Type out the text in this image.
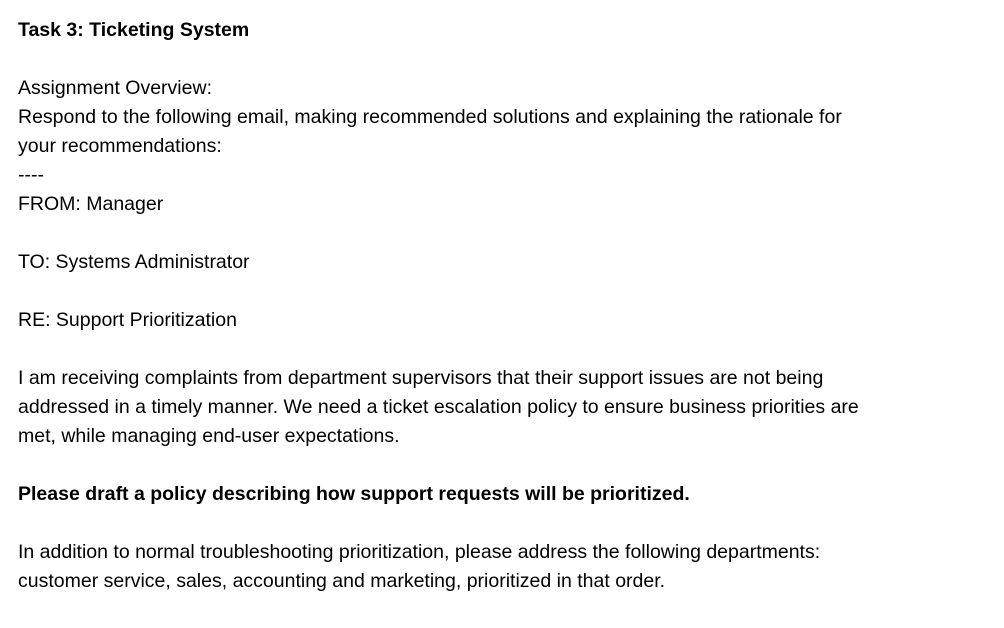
Task 3: Ticketing System
Assignment Overview:
Respond to the following email, making recommended solutions and explaining the rationale for
your recommendations:
----
FROM: Manager
TO: Systems Administrator
RE: Support Prioritization
I am receiving complaints from department supervisors that their support issues are not being
addressed in a timely manner. We need a ticket escalation policy to ensure business priorities are
met, while managing end-user expectations.
Please draft a policy describing how support requests will be prioritized.
In addition to normal troubleshooting prioritization, please address the following departments:
customer service, sales, accounting and marketing, prioritized in that order.
